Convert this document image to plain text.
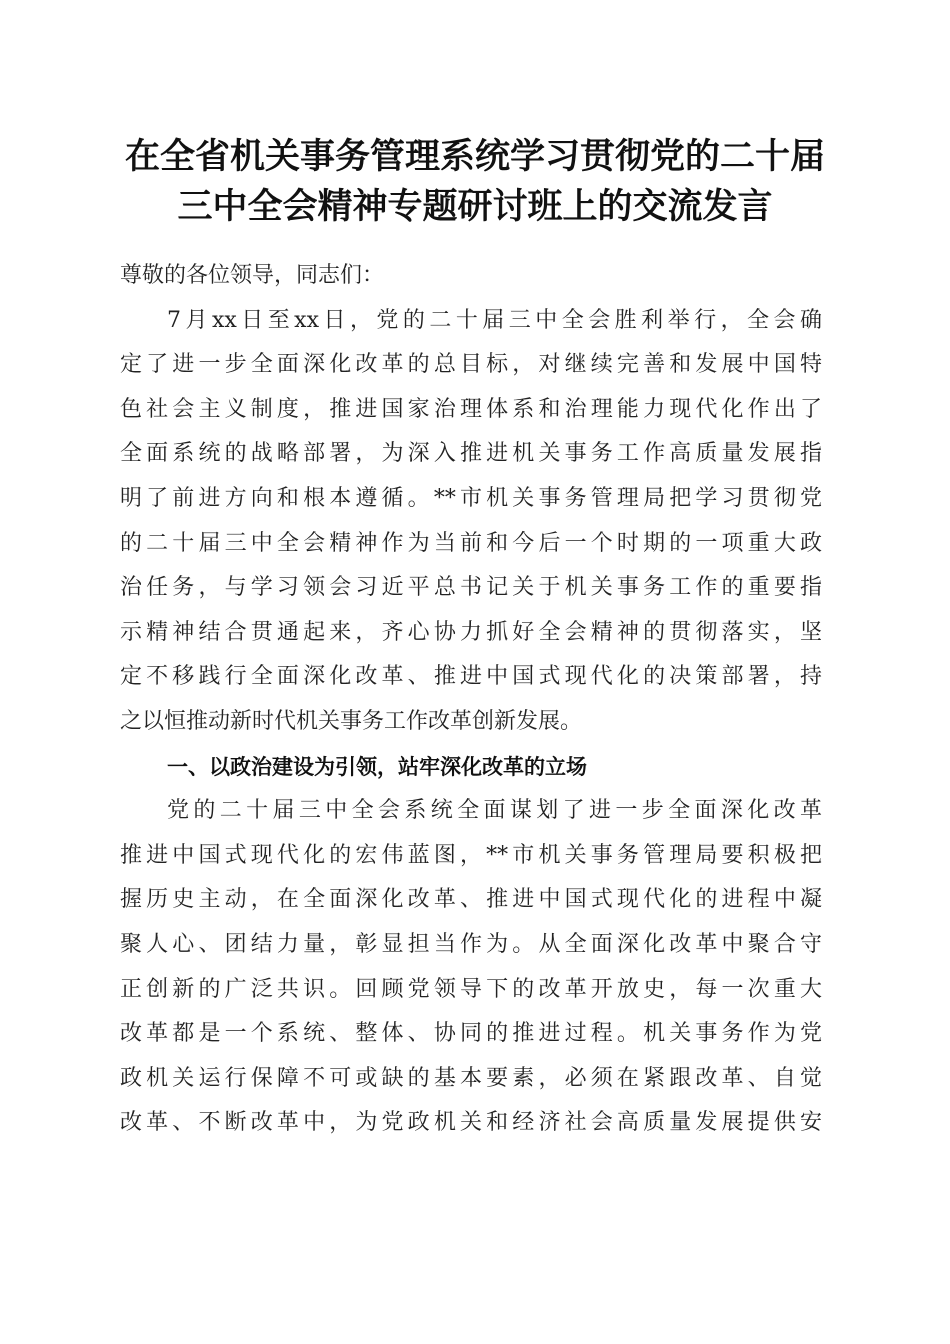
在全省机关事务管理系统学习贯彻党的二十届
三中全会精神专题研讨班上的交流发言
尊敬的各位领导，同志们：
7月xx日至xx日，党的二十届三中全会胜利举行，全会确
定了进一步全面深化改革的总目标，对继续完善和发展中国特
色社会主义制度，推进国家治理体系和治理能力现代化作出了
全面系统的战略部署，为深入推进机关事务工作高质量发展指
明了前进方向和根本遵循。**市机关事务管理局把学习贯彻党
的二十届三中全会精神作为当前和今后一个时期的一项重大政
治任务，与学习领会习近平总书记关于机关事务工作的重要指
示精神结合贯通起来，齐心协力抓好全会精神的贯彻落实，坚
定不移践行全面深化改革、推进中国式现代化的决策部署，持
之以恒推动新时代机关事务工作改革创新发展。
一、以政治建设为引领，站牢深化改革的立场
党的二十届三中全会系统全面谋划了进一步全面深化改革
推进中国式现代化的宏伟蓝图，**市机关事务管理局要积极把
握历史主动，在全面深化改革、推进中国式现代化的进程中凝
聚人心、团结力量，彰显担当作为。从全面深化改革中聚合守
正创新的广泛共识。回顾党领导下的改革开放史，每一次重大
改革都是一个系统、整体、协同的推进过程。机关事务作为党
政机关运行保障不可或缺的基本要素，必须在紧跟改革、自觉
改革、不断改革中，为党政机关和经济社会高质量发展提供安
